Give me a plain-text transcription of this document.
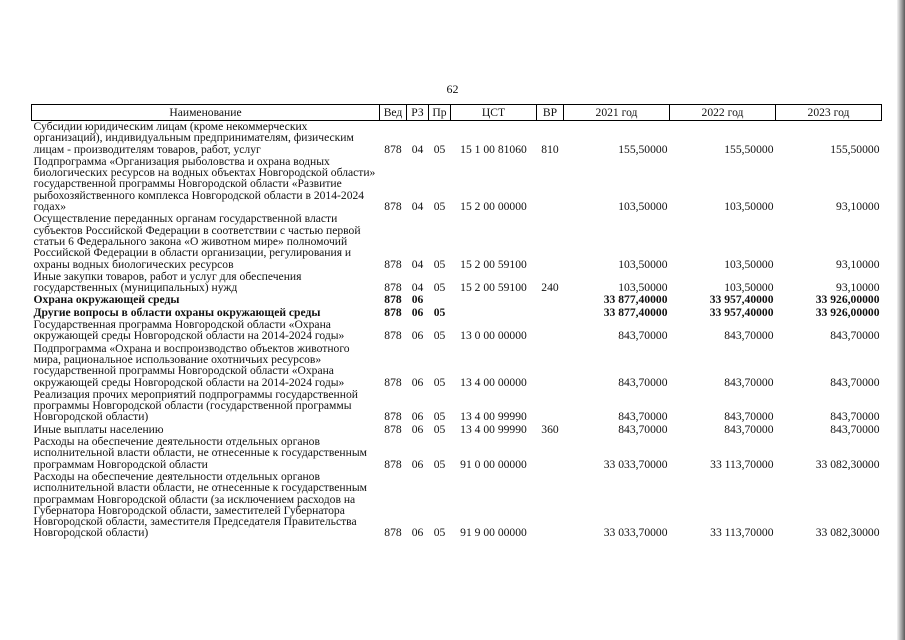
62
Наименование	Вед	РЗ	Пр	ЦСТ	ВР	2021 год	2022 год	2023 год
Субсидии юридическим лицам (кроме некоммерческих организаций), индивидуальным предпринимателям, физическим лицам - производителям товаров, работ, услуг	878	04	05	15 1 00 81060	810	155,50000	155,50000	155,50000
Подпрограмма «Организация рыболовства и охрана водных биологических ресурсов на водных объектах Новгородской области» государственной программы Новгородской области «Развитие рыбохозяйственного комплекса Новгородской области в 2014-2024 годах»	878	04	05	15 2 00 00000		103,50000	103,50000	93,10000
Осуществление переданных органам государственной власти субъектов Российской Федерации в соответствии с частью первой статьи 6 Федерального закона «О животном мире» полномочий Российской Федерации в области организации, регулирования и охраны водных биологических ресурсов	878	04	05	15 2 00 59100		103,50000	103,50000	93,10000
Иные закупки товаров, работ и услуг для обеспечения государственных (муниципальных) нужд	878	04	05	15 2 00 59100	240	103,50000	103,50000	93,10000
Охрана окружающей среды	878	06				33 877,40000	33 957,40000	33 926,00000
Другие вопросы в области охраны окружающей среды	878	06	05			33 877,40000	33 957,40000	33 926,00000
Государственная программа Новгородской области «Охрана окружающей среды Новгородской области на 2014-2024 годы»	878	06	05	13 0 00 00000		843,70000	843,70000	843,70000
Подпрограмма «Охрана и воспроизводство объектов животного мира, рациональное использование охотничьих ресурсов» государственной программы Новгородской области «Охрана окружающей среды Новгородской области на 2014-2024 годы»	878	06	05	13 4 00 00000		843,70000	843,70000	843,70000
Реализация прочих мероприятий подпрограммы государственной программы Новгородской области (государственной программы Новгородской области)	878	06	05	13 4 00 99990		843,70000	843,70000	843,70000
Иные выплаты населению	878	06	05	13 4 00 99990	360	843,70000	843,70000	843,70000
Расходы на обеспечение деятельности отдельных органов исполнительной власти области, не отнесенные к государственным программам Новгородской области	878	06	05	91 0 00 00000		33 033,70000	33 113,70000	33 082,30000
Расходы на обеспечение деятельности отдельных органов исполнительной власти области, не отнесенные к государственным программам Новгородской области (за исключением расходов на Губернатора Новгородской области, заместителей Губернатора Новгородской области, заместителя Председателя Правительства Новгородской области)	878	06	05	91 9 00 00000		33 033,70000	33 113,70000	33 082,30000
